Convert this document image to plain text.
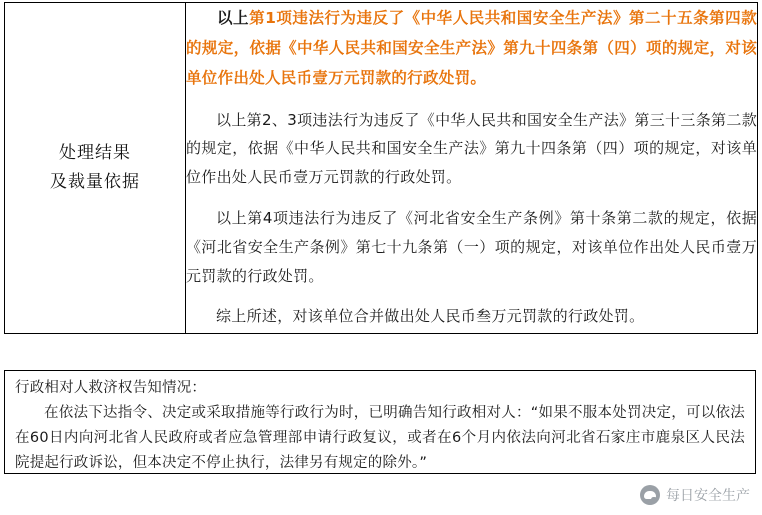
处理结果
及裁量依据

以上第1项违法行为违反了《中华人民共和国安全生产法》第二十五条第四款的规定，依据《中华人民共和国安全生产法》第九十四条第（四）项的规定，对该单位作出处人民币壹万元罚款的行政处罚。

以上第2、3项违法行为违反了《中华人民共和国安全生产法》第三十三条第二款的规定，依据《中华人民共和国安全生产法》第九十四条第（四）项的规定，对该单位作出处人民币壹万元罚款的行政处罚。

以上第4项违法行为违反了《河北省安全生产条例》第十条第二款的规定，依据《河北省安全生产条例》第七十九条第（一）项的规定，对该单位作出处人民币壹万元罚款的行政处罚。

综上所述，对该单位合并做出处人民币叁万元罚款的行政处罚。

行政相对人救济权告知情况：
在依法下达指令、决定或采取措施等行政行为时，已明确告知行政相对人：“如果不服本处罚决定，可以依法在60日内向河北省人民政府或者应急管理部申请行政复议，或者在6个月内依法向河北省石家庄市鹿泉区人民法院提起行政诉讼，但本决定不停止执行，法律另有规定的除外。”
每日安全生产
